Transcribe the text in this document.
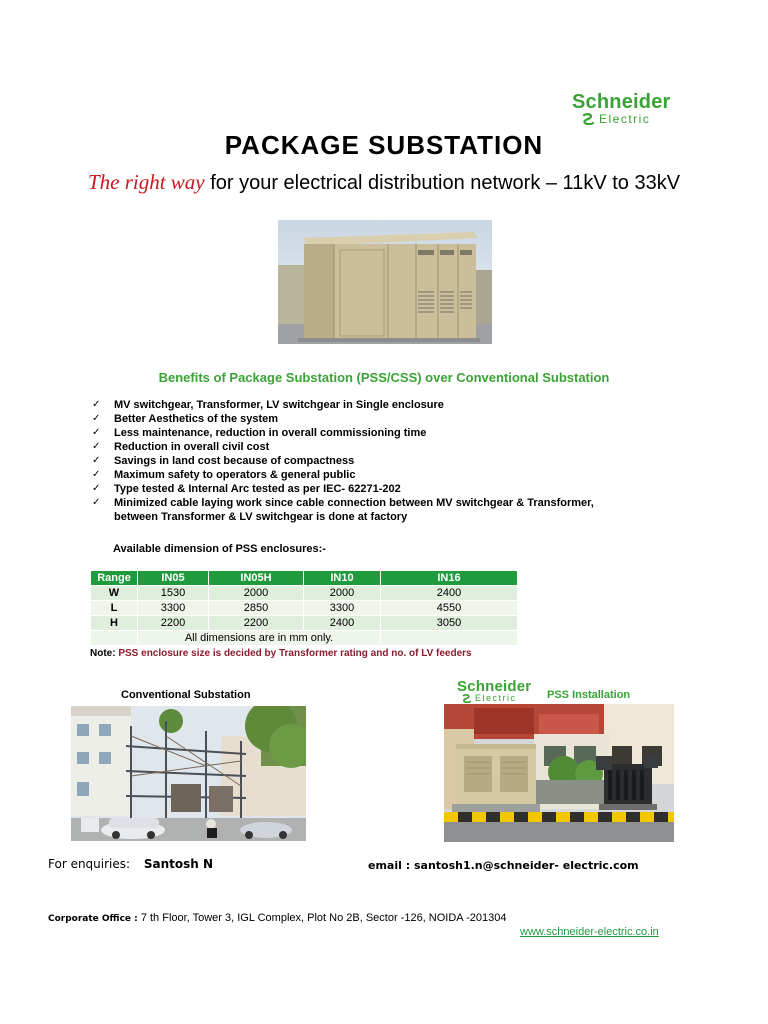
Schneider
Electric
PACKAGE SUBSTATION
The right way for your electrical distribution network – 11kV to 33kV
Benefits of Package Substation (PSS/CSS) over Conventional Substation
✓ MV switchgear, Transformer, LV switchgear in Single enclosure
✓ Better Aesthetics of the system
✓ Less maintenance, reduction in overall commissioning time
✓ Reduction in overall civil cost
✓ Savings in land cost because of compactness
✓ Maximum safety to operators & general public
✓ Type tested & Internal Arc tested as per IEC- 62271-202
✓ Minimized cable laying work since cable connection between MV switchgear & Transformer, between Transformer & LV switchgear is done at factory
Available dimension of PSS enclosures:-
Range	IN05	IN05H	IN10	IN16
W	1530	2000	2000	2400
L	3300	2850	3300	4550
H	2200	2200	2400	3050
	All dimensions are in mm only.			
Note: PSS enclosure size is decided by Transformer rating and no. of LV feeders
Conventional Substation	Schneider
Electric	PSS Installation
For enquiries: Santosh N	email : santosh1.n@schneider- electric.com
Corporate Office : 7 th Floor, Tower 3, IGL Complex, Plot No 2B, Sector -126, NOIDA -201304
www.schneider-electric.co.in
